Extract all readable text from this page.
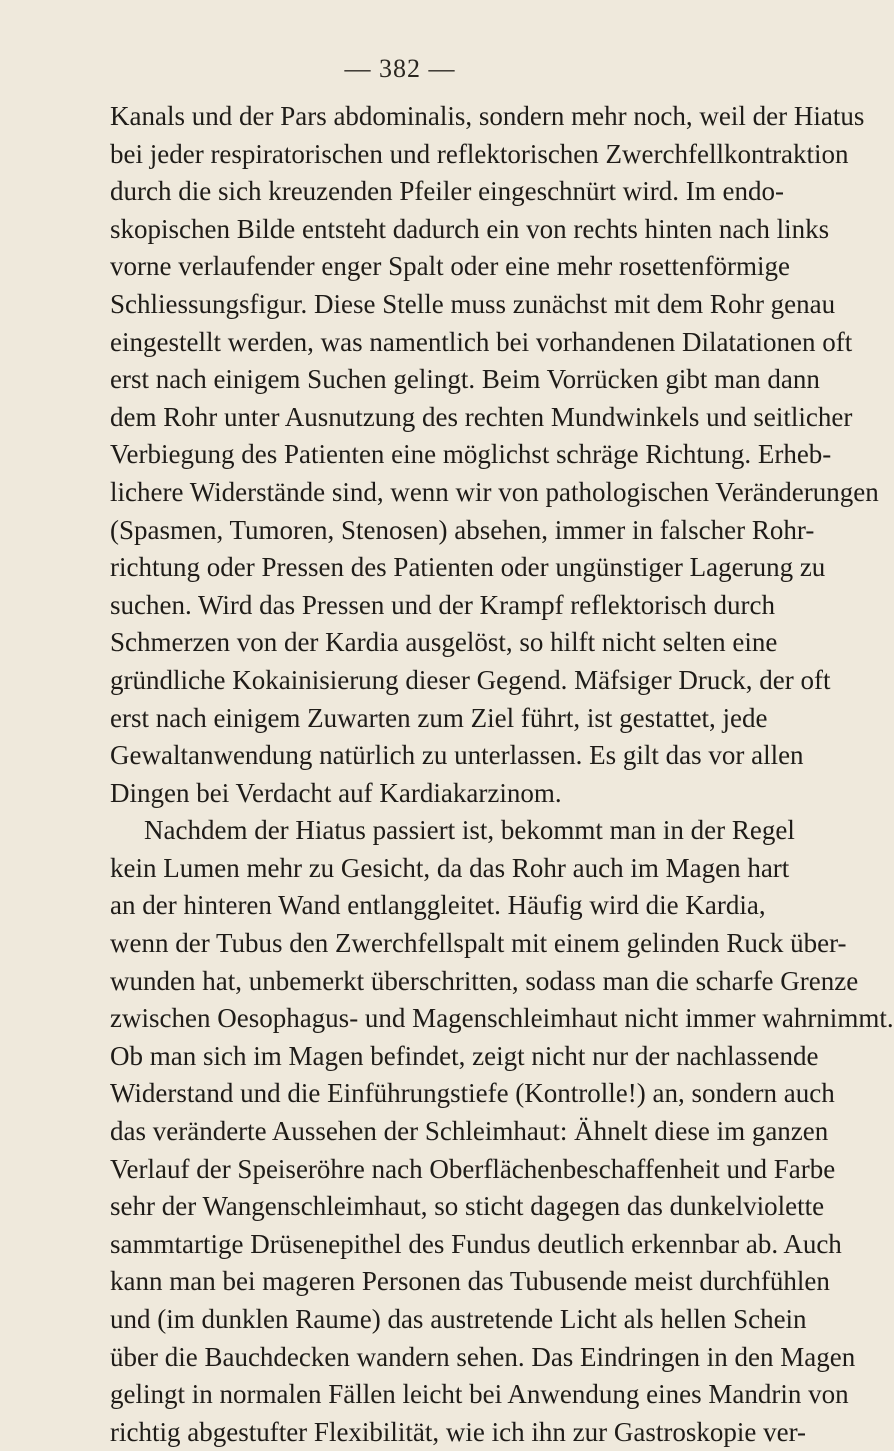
— 382 —
Kanals und der Pars abdominalis, sondern mehr noch, weil der Hiatus
bei jeder respiratorischen und reflektorischen Zwerchfellkontraktion
durch die sich kreuzenden Pfeiler eingeschnürt wird. Im endo-
skopischen Bilde entsteht dadurch ein von rechts hinten nach links
vorne verlaufender enger Spalt oder eine mehr rosettenförmige
Schliessungsfigur. Diese Stelle muss zunächst mit dem Rohr genau
eingestellt werden, was namentlich bei vorhandenen Dilatationen oft
erst nach einigem Suchen gelingt. Beim Vorrücken gibt man dann
dem Rohr unter Ausnutzung des rechten Mundwinkels und seitlicher
Verbiegung des Patienten eine möglichst schräge Richtung. Erheb-
lichere Widerstände sind, wenn wir von pathologischen Veränderungen
(Spasmen, Tumoren, Stenosen) absehen, immer in falscher Rohr-
richtung oder Pressen des Patienten oder ungünstiger Lagerung zu
suchen. Wird das Pressen und der Krampf reflektorisch durch
Schmerzen von der Kardia ausgelöst, so hilft nicht selten eine
gründliche Kokainisierung dieser Gegend. Mäfsiger Druck, der oft
erst nach einigem Zuwarten zum Ziel führt, ist gestattet, jede
Gewaltanwendung natürlich zu unterlassen. Es gilt das vor allen
Dingen bei Verdacht auf Kardiakarzinom.
Nachdem der Hiatus passiert ist, bekommt man in der Regel
kein Lumen mehr zu Gesicht, da das Rohr auch im Magen hart
an der hinteren Wand entlanggleitet. Häufig wird die Kardia,
wenn der Tubus den Zwerchfellspalt mit einem gelinden Ruck über-
wunden hat, unbemerkt überschritten, sodass man die scharfe Grenze
zwischen Oesophagus- und Magenschleimhaut nicht immer wahrnimmt.
Ob man sich im Magen befindet, zeigt nicht nur der nachlassende
Widerstand und die Einführungstiefe (Kontrolle!) an, sondern auch
das veränderte Aussehen der Schleimhaut: Ähnelt diese im ganzen
Verlauf der Speiseröhre nach Oberflächenbeschaffenheit und Farbe
sehr der Wangenschleimhaut, so sticht dagegen das dunkelviolette
sammtartige Drüsenepithel des Fundus deutlich erkennbar ab. Auch
kann man bei mageren Personen das Tubusende meist durchfühlen
und (im dunklen Raume) das austretende Licht als hellen Schein
über die Bauchdecken wandern sehen. Das Eindringen in den Magen
gelingt in normalen Fällen leicht bei Anwendung eines Mandrin von
richtig abgestufter Flexibilität, wie ich ihn zur Gastroskopie ver-
